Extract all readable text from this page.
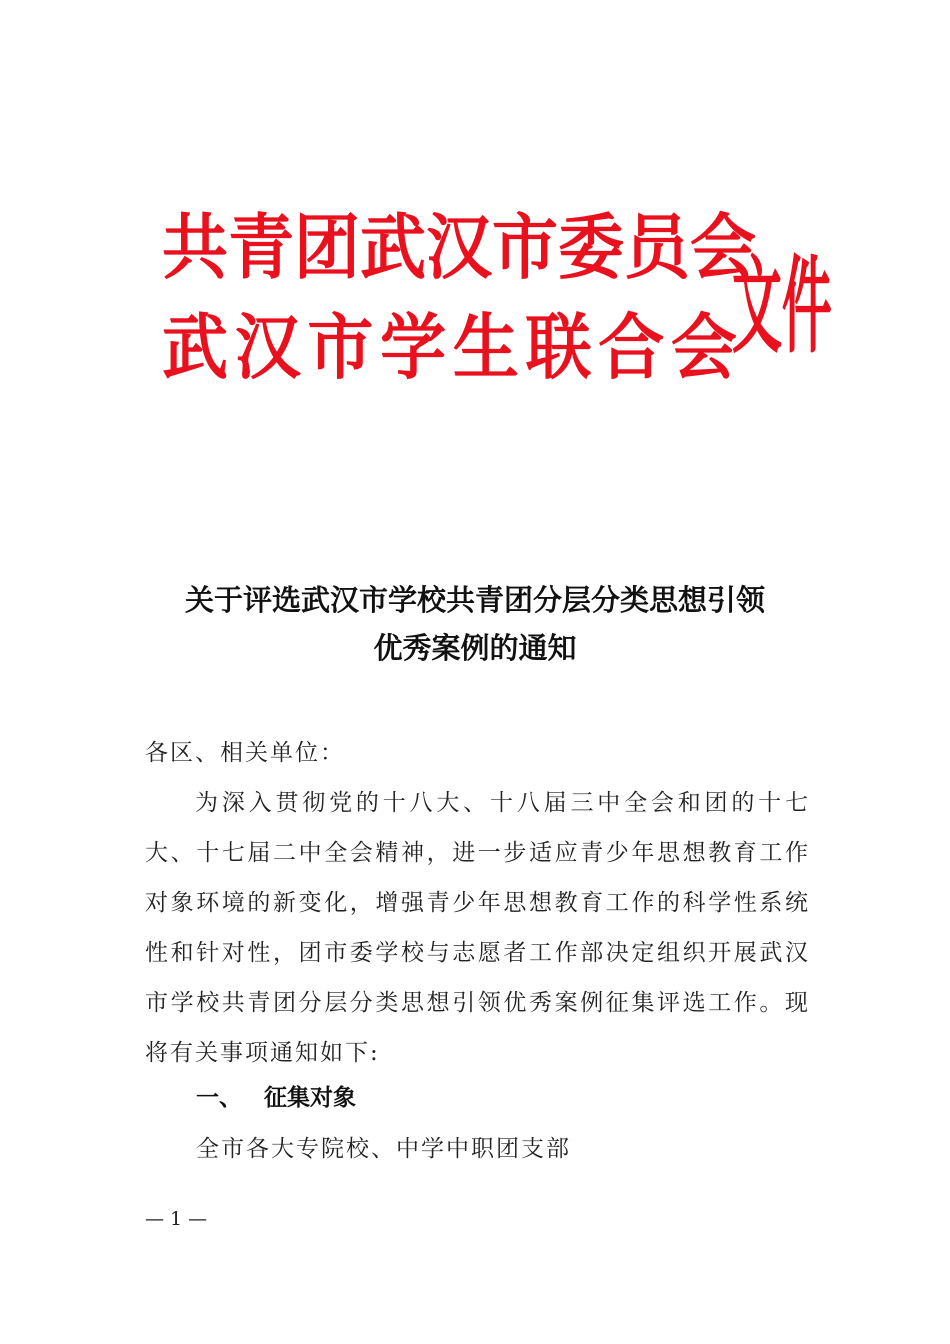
共 青 团 武 汉 市 委 员 会
武 汉 市 学 生 联 合 会
文件
关于评选武汉市学校共青团分层分类思想引领
优秀案例的通知
各区、相关单位：
为深入贯彻党的十八大、十八届三中全会和团的十七大、十七届二中全会精神，进一步适应青少年思想教育工作对象环境的新变化，增强青少年思想教育工作的科学性系统性和针对性，团市委学校与志愿者工作部决定组织开展武汉市学校共青团分层分类思想引领优秀案例征集评选工作。现将有关事项通知如下:
一、 征集对象
全市各大专院校、中学中职团支部
— 1 —
